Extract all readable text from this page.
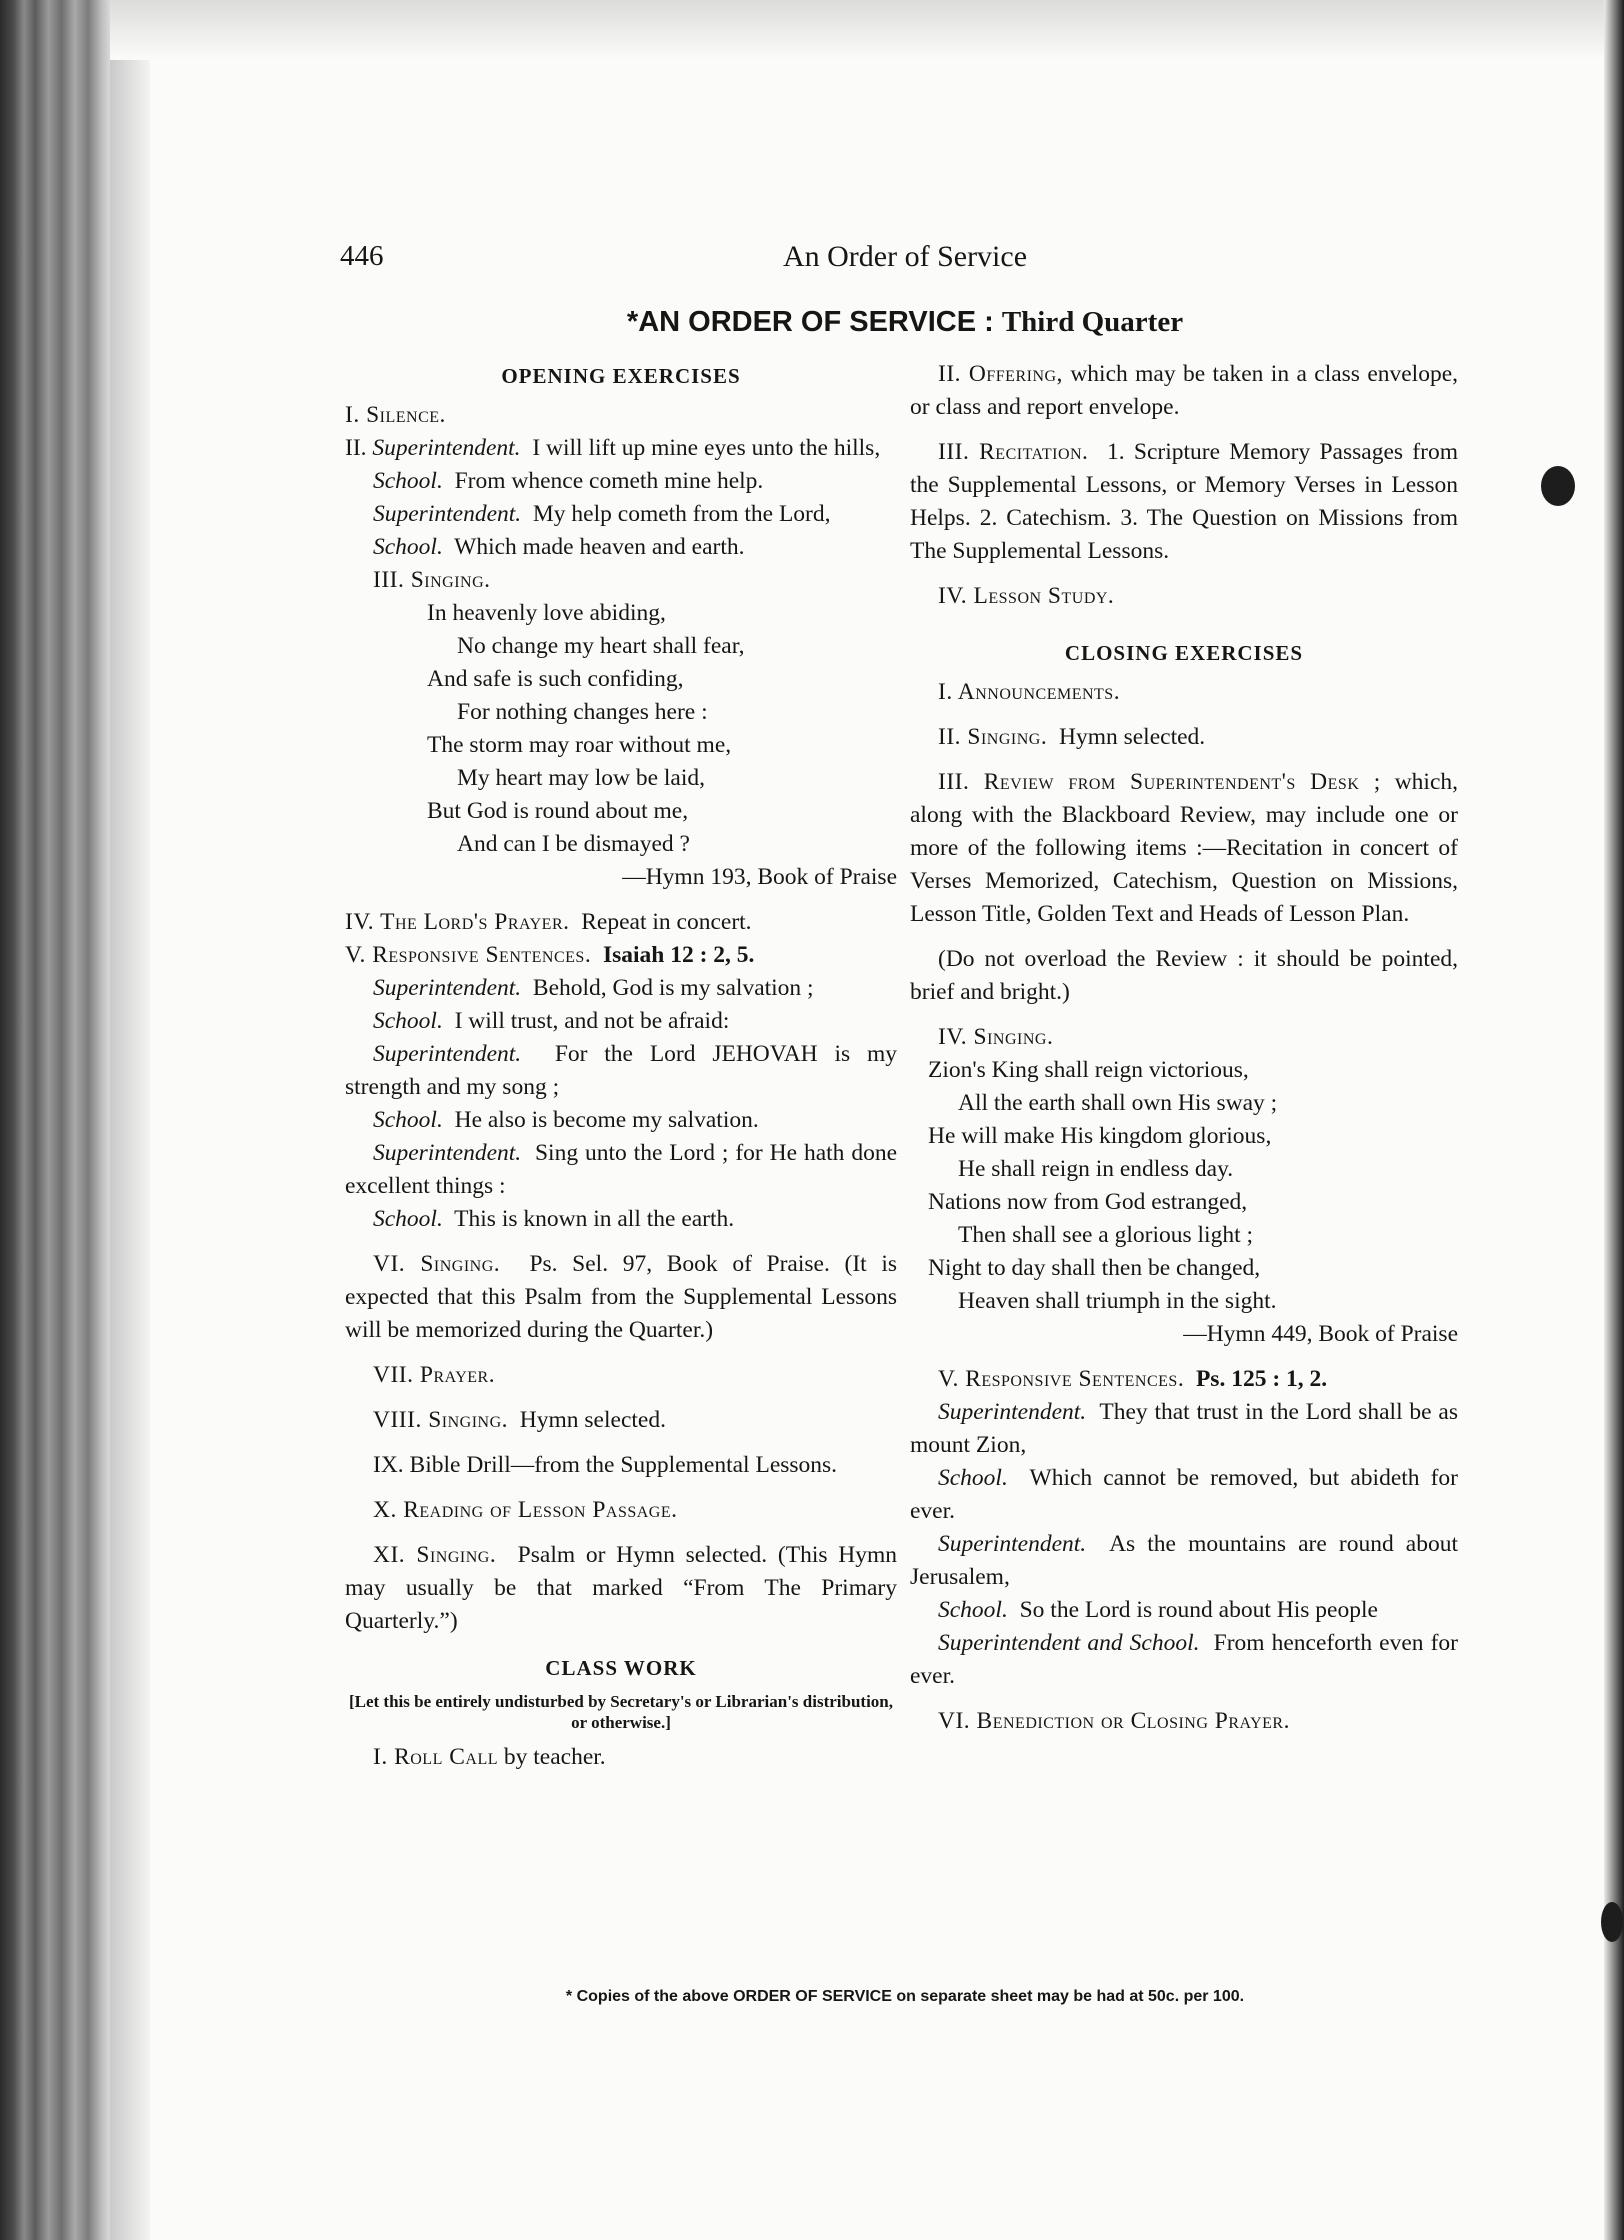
446	An Order of Service
*AN ORDER OF SERVICE : Third Quarter
OPENING EXERCISES

I. Silence.

II. Superintendent. I will lift up mine eyes unto the hills,

School. From whence cometh mine help.

Superintendent. My help cometh from the Lord,

School. Which made heaven and earth.

III. Singing.

In heavenly love abiding,

No change my heart shall fear,

And safe is such confiding,

For nothing changes here :

The storm may roar without me,

My heart may low be laid,

But God is round about me,

And can I be dismayed ?

—Hymn 193, Book of Praise

IV. The Lord's Prayer. Repeat in concert.

V. Responsive Sentences. Isaiah 12 : 2, 5.

Superintendent. Behold, God is my salvation ;

School. I will trust, and not be afraid:

Superintendent. For the Lord JEHOVAH is my strength and my song ;

School. He also is become my salvation.

Superintendent. Sing unto the Lord ; for He hath done excellent things :

School. This is known in all the earth.

VI. Singing. Ps. Sel. 97, Book of Praise. (It is expected that this Psalm from the Supplemental Lessons will be memorized during the Quarter.)

VII. Prayer.

VIII. Singing. Hymn selected.

IX. Bible Drill—from the Supplemental Lessons.

X. Reading of Lesson Passage.

XI. Singing. Psalm or Hymn selected. (This Hymn may usually be that marked “From The Primary Quarterly.”)

CLASS WORK

[Let this be entirely undisturbed by Secretary's or Librarian's distribution, or otherwise.]

I. Roll Call by teacher.

II. Offering, which may be taken in a class envelope, or class and report envelope.

III. Recitation. 1. Scripture Memory Passages from the Supplemental Lessons, or Memory Verses in Lesson Helps. 2. Catechism. 3. The Question on Missions from The Supplemental Lessons.

IV. Lesson Study.

CLOSING EXERCISES

I. Announcements.

II. Singing. Hymn selected.

III. Review from Superintendent's Desk ; which, along with the Blackboard Review, may include one or more of the following items :—Recitation in concert of Verses Memorized, Catechism, Question on Missions, Lesson Title, Golden Text and Heads of Lesson Plan.

(Do not overload the Review : it should be pointed, brief and bright.)

IV. Singing.

Zion's King shall reign victorious,

All the earth shall own His sway ;

He will make His kingdom glorious,

He shall reign in endless day.

Nations now from God estranged,

Then shall see a glorious light ;

Night to day shall then be changed,

Heaven shall triumph in the sight.

—Hymn 449, Book of Praise

V. Responsive Sentences. Ps. 125 : 1, 2.

Superintendent. They that trust in the Lord shall be as mount Zion,

School. Which cannot be removed, but abideth for ever.

Superintendent. As the mountains are round about Jerusalem,

School. So the Lord is round about His people

Superintendent and School. From henceforth even for ever.

VI. Benediction or Closing Prayer.

* Copies of the above ORDER OF SERVICE on separate sheet may be had at 50c. per 100.
